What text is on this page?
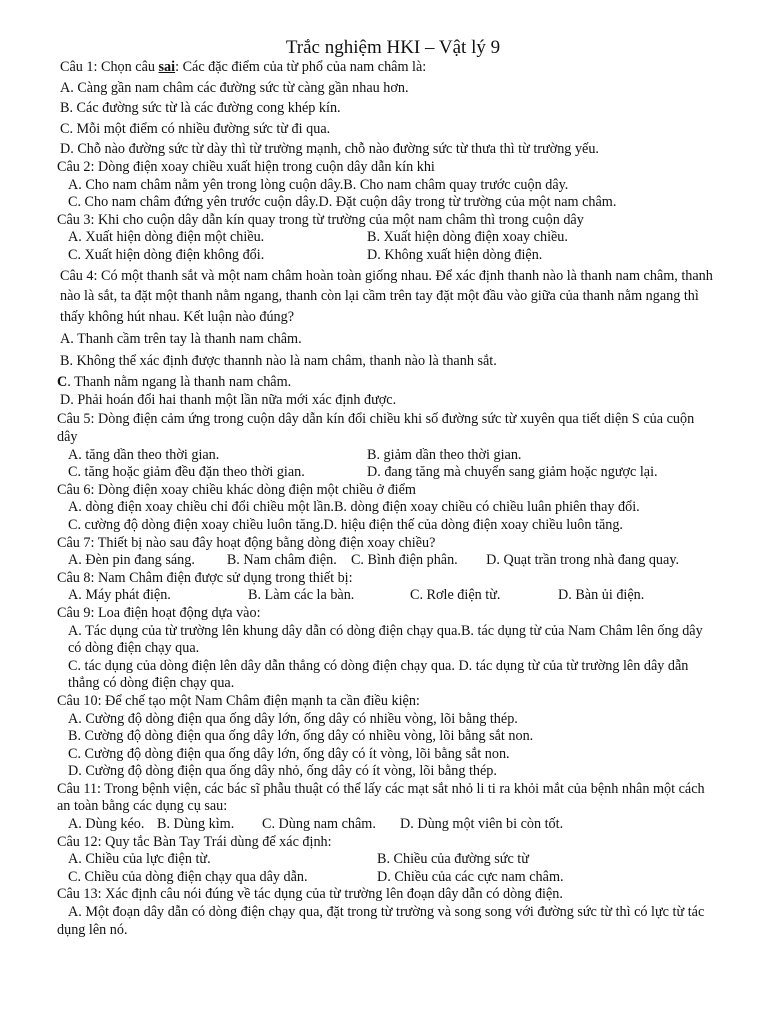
Trắc nghiệm HKI – Vật lý 9
Câu 1: Chọn câu sai: Các đặc điểm của từ phổ của nam châm là:
A. Càng gần nam châm các đường sức từ càng gần nhau hơn.
B. Các đường sức từ là các đường cong khép kín.
C. Mỗi một điểm có nhiều đường sức từ đi qua.
D. Chỗ nào đường sức từ dày thì từ trường mạnh, chỗ nào đường sức từ thưa thì từ trường yếu.
Câu 2: Dòng điện xoay chiều xuất hiện trong cuộn dây dẫn kín khi
A. Cho nam châm nằm yên trong lòng cuộn dây.B. Cho nam châm quay trước cuộn dây.
C. Cho nam châm đứng yên trước cuộn dây.D. Đặt cuộn dây trong từ trường của một nam châm.
Câu 3: Khi cho cuộn dây dẫn kín quay trong từ trường của một nam châm thì trong cuộn dây
A. Xuất hiện dòng điện một chiều.	B. Xuất hiện dòng điện xoay chiều.
C. Xuất hiện dòng điện không đổi.	D. Không xuất hiện dòng điện.
Câu 4: Có một thanh sắt và một nam châm hoàn toàn giống nhau. Để xác định thanh nào là thanh nam châm, thanh nào là sắt, ta đặt một thanh nằm ngang, thanh còn lại cầm trên tay đặt một đầu vào giữa của thanh nằm ngang thì thấy không hút nhau. Kết luận nào đúng?
A. Thanh cầm trên tay là thanh nam châm.
B. Không thể xác định được thannh nào là nam châm, thanh nào là thanh sắt.
C. Thanh nằm ngang là thanh nam châm.
D. Phải hoán đổi hai thanh một lần nữa mới xác định được.
Câu 5: Dòng điện cảm ứng trong cuộn dây dẫn kín đổi chiều khi số đường sức từ xuyên qua tiết diện S của cuộn dây
A. tăng dần theo thời gian.	B. giảm dần theo thời gian.
C. tăng hoặc giảm đều đặn theo thời gian.	D. đang tăng mà chuyển sang giảm hoặc ngược lại.
Câu 6: Dòng điện xoay chiều khác dòng điện một chiều ở điểm
A. dòng điện xoay chiều chỉ đổi chiều một lần.B. dòng điện xoay chiều có chiều luân phiên thay đổi.
C. cường độ dòng điện xoay chiều luôn tăng.D. hiệu điện thế của dòng điện xoay chiều luôn tăng.
Câu 7: Thiết bị nào sau đây hoạt động bằng dòng điện xoay chiều?
A. Đèn pin đang sáng. B. Nam châm điện. C. Bình điện phân. D. Quạt trần trong nhà đang quay.
Câu 8: Nam Châm điện được sử dụng trong thiết bị:
A. Máy phát điện.	B. Làm các la bàn.	C. Rơle điện từ.	D. Bàn ủi điện.
Câu 9: Loa điện hoạt động dựa vào:
A. Tác dụng của từ trường lên khung dây dẫn có dòng điện chạy qua.B. tác dụng từ của Nam Châm lên ống dây có dòng điện chạy qua.
C. tác dụng của dòng điện lên dây dẫn thẳng có dòng điện chạy qua. D. tác dụng từ của từ trường lên dây dẫn thẳng có dòng điện chạy qua.
Câu 10: Để chế tạo một Nam Châm điện mạnh ta cần điều kiện:
A. Cường độ dòng điện qua ống dây lớn, ống dây có nhiều vòng, lõi bằng thép.
B. Cường độ dòng điện qua ống dây lớn, ống dây có nhiều vòng, lõi bằng sắt non.
C. Cường độ dòng điện qua ống dây lớn, ống dây có ít vòng, lõi bằng sắt non.
D. Cường độ dòng điện qua ống dây nhỏ, ống dây có ít vòng, lõi bằng thép.
Câu 11: Trong bệnh viện, các bác sĩ phẫu thuật có thể lấy các mạt sắt nhỏ li ti ra khỏi mắt của bệnh nhân một cách an toàn bằng các dụng cụ sau:
A. Dùng kéo. B. Dùng kìm.	C. Dùng nam châm.	D. Dùng một viên bi còn tốt.
Câu 12: Quy tắc Bàn Tay Trái dùng để xác định:
A. Chiều của lực điện từ.	B. Chiều của đường sức từ
C. Chiều của dòng điện chạy qua dây dẫn.	D. Chiều của các cực nam châm.
Câu 13: Xác định câu nói đúng về tác dụng của từ trường lên đoạn dây dẫn có dòng điện.
A. Một đoạn dây dẫn có dòng điện chạy qua, đặt trong từ trường và song song với đường sức từ thì có lực từ tác dụng lên nó.
